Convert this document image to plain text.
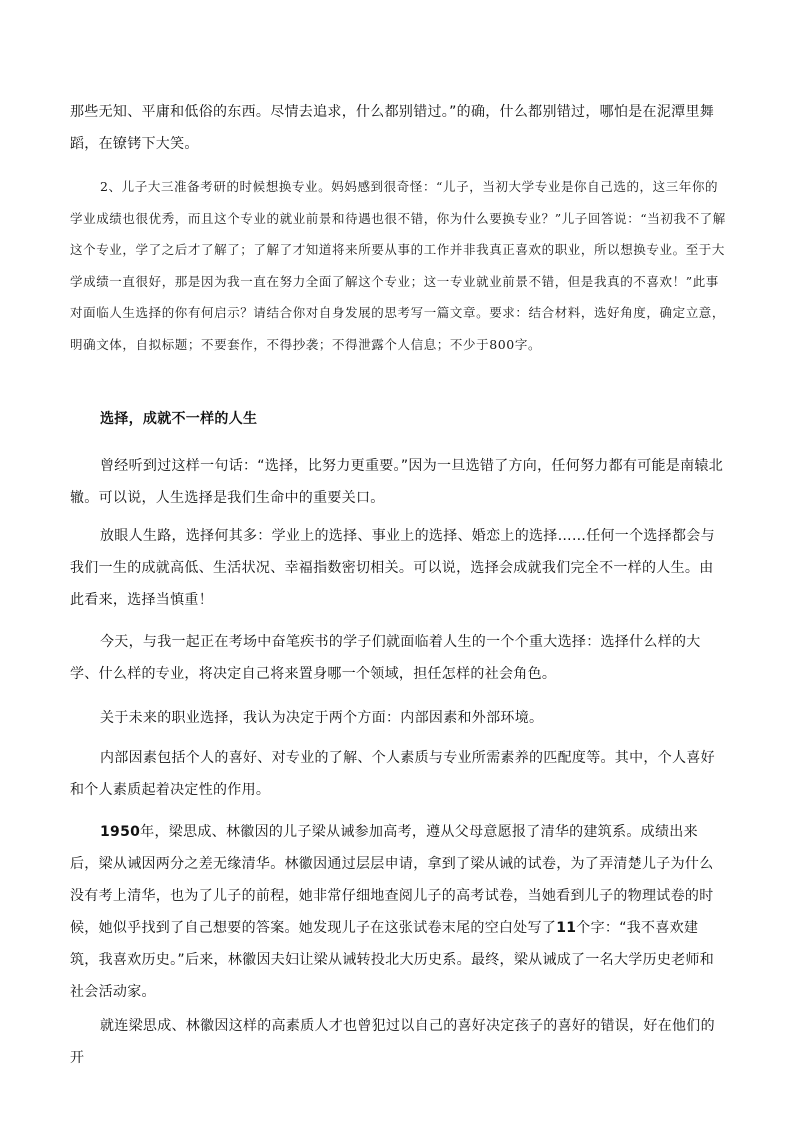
那些无知、平庸和低俗的东西。尽情去追求，什么都别错过。”的确，什么都别错过，哪怕是在泥潭里舞蹈，在镣铐下大笑。

2、儿子大三准备考研的时候想换专业。妈妈感到很奇怪：“儿子，当初大学专业是你自己选的，这三年你的学业成绩也很优秀，而且这个专业的就业前景和待遇也很不错，你为什么要换专业？”儿子回答说：“当初我不了解这个专业，学了之后才了解了；了解了才知道将来所要从事的工作并非我真正喜欢的职业，所以想换专业。至于大学成绩一直很好，那是因为我一直在努力全面了解这个专业；这一专业就业前景不错，但是我真的不喜欢！”此事对面临人生选择的你有何启示？请结合你对自身发展的思考写一篇文章。要求：结合材料，选好角度，确定立意，明确文体，自拟标题；不要套作，不得抄袭；不得泄露个人信息；不少于800字。

选择，成就不一样的人生

曾经听到过这样一句话：“选择，比努力更重要。”因为一旦选错了方向，任何努力都有可能是南辕北辙。可以说，人生选择是我们生命中的重要关口。

放眼人生路，选择何其多：学业上的选择、事业上的选择、婚恋上的选择……任何一个选择都会与我们一生的成就高低、生活状况、幸福指数密切相关。可以说，选择会成就我们完全不一样的人生。由此看来，选择当慎重！

今天，与我一起正在考场中奋笔疾书的学子们就面临着人生的一个个重大选择：选择什么样的大学、什么样的专业，将决定自己将来置身哪一个领域，担任怎样的社会角色。

关于未来的职业选择，我认为决定于两个方面：内部因素和外部环境。

内部因素包括个人的喜好、对专业的了解、个人素质与专业所需素养的匹配度等。其中，个人喜好和个人素质起着决定性的作用。

1950年，梁思成、林徽因的儿子梁从诫参加高考，遵从父母意愿报了清华的建筑系。成绩出来后，梁从诫因两分之差无缘清华。林徽因通过层层申请，拿到了梁从诫的试卷，为了弄清楚儿子为什么没有考上清华，也为了儿子的前程，她非常仔细地查阅儿子的高考试卷，当她看到儿子的物理试卷的时候，她似乎找到了自己想要的答案。她发现儿子在这张试卷末尾的空白处写了11个字：“我不喜欢建筑，我喜欢历史。”后来，林徽因夫妇让梁从诫转投北大历史系。最终，梁从诫成了一名大学历史老师和社会活动家。

就连梁思成、林徽因这样的高素质人才也曾犯过以自己的喜好决定孩子的喜好的错误，好在他们的开
